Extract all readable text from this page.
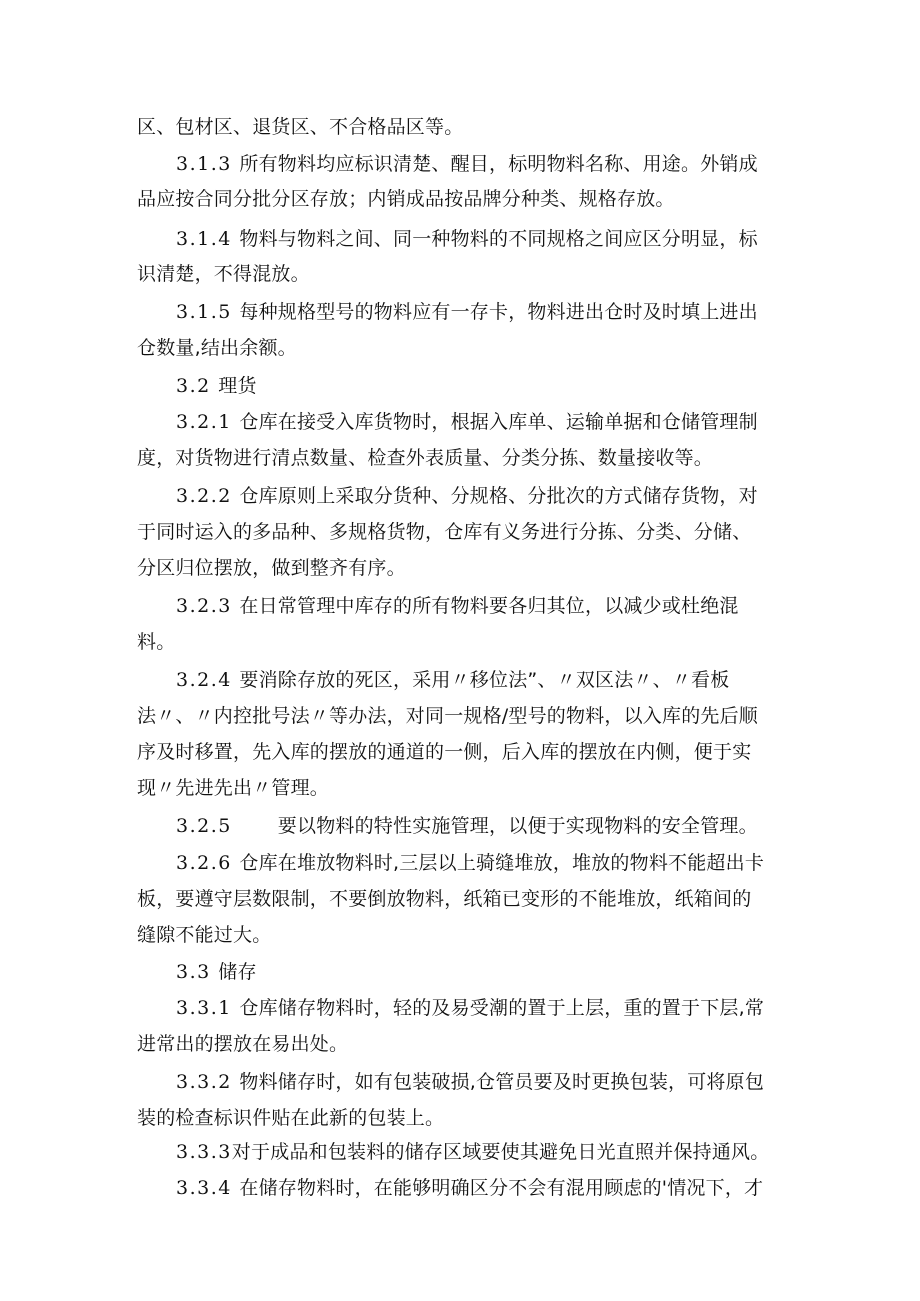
区、包材区、退货区、不合格品区等。
3.1.3 所有物料均应标识清楚、醒目，标明物料名称、用途。外销成
品应按合同分批分区存放；内销成品按品牌分种类、规格存放。
3.1.4 物料与物料之间、同一种物料的不同规格之间应区分明显，标
识清楚，不得混放。
3.1.5 每种规格型号的物料应有一存卡，物料进出仓时及时填上进出
仓数量,结出余额。
3.2 理货
3.2.1 仓库在接受入库货物时，根据入库单、运输单据和仓储管理制
度，对货物进行清点数量、检查外表质量、分类分拣、数量接收等。
3.2.2 仓库原则上采取分货种、分规格、分批次的方式储存货物，对
于同时运入的多品种、多规格货物，仓库有义务进行分拣、分类、分储、
分区归位摆放，做到整齐有序。
3.2.3 在日常管理中库存的所有物料要各归其位，以减少或杜绝混
料。
3.2.4 要消除存放的死区，采用〃移位法”、〃双区法〃、〃看板
法〃、〃内控批号法〃等办法，对同一规格/型号的物料，以入库的先后顺
序及时移置，先入库的摆放的通道的一侧，后入库的摆放在内侧，便于实
现〃先进先出〃管理。
3.2.5 　　要以物料的特性实施管理，以便于实现物料的安全管理。
3.2.6 仓库在堆放物料时,三层以上骑缝堆放，堆放的物料不能超出卡
板，要遵守层数限制，不要倒放物料，纸箱已变形的不能堆放，纸箱间的
缝隙不能过大。
3.3 储存
3.3.1 仓库储存物料时，轻的及易受潮的置于上层，重的置于下层,常
进常出的摆放在易出处。
3.3.2 物料储存时，如有包装破损,仓管员要及时更换包装，可将原包
装的检查标识件贴在此新的包装上。
3.3.3对于成品和包装料的储存区域要使其避免日光直照并保持通风。
3.3.4 在储存物料时，在能够明确区分不会有混用顾虑的'情况下，才
